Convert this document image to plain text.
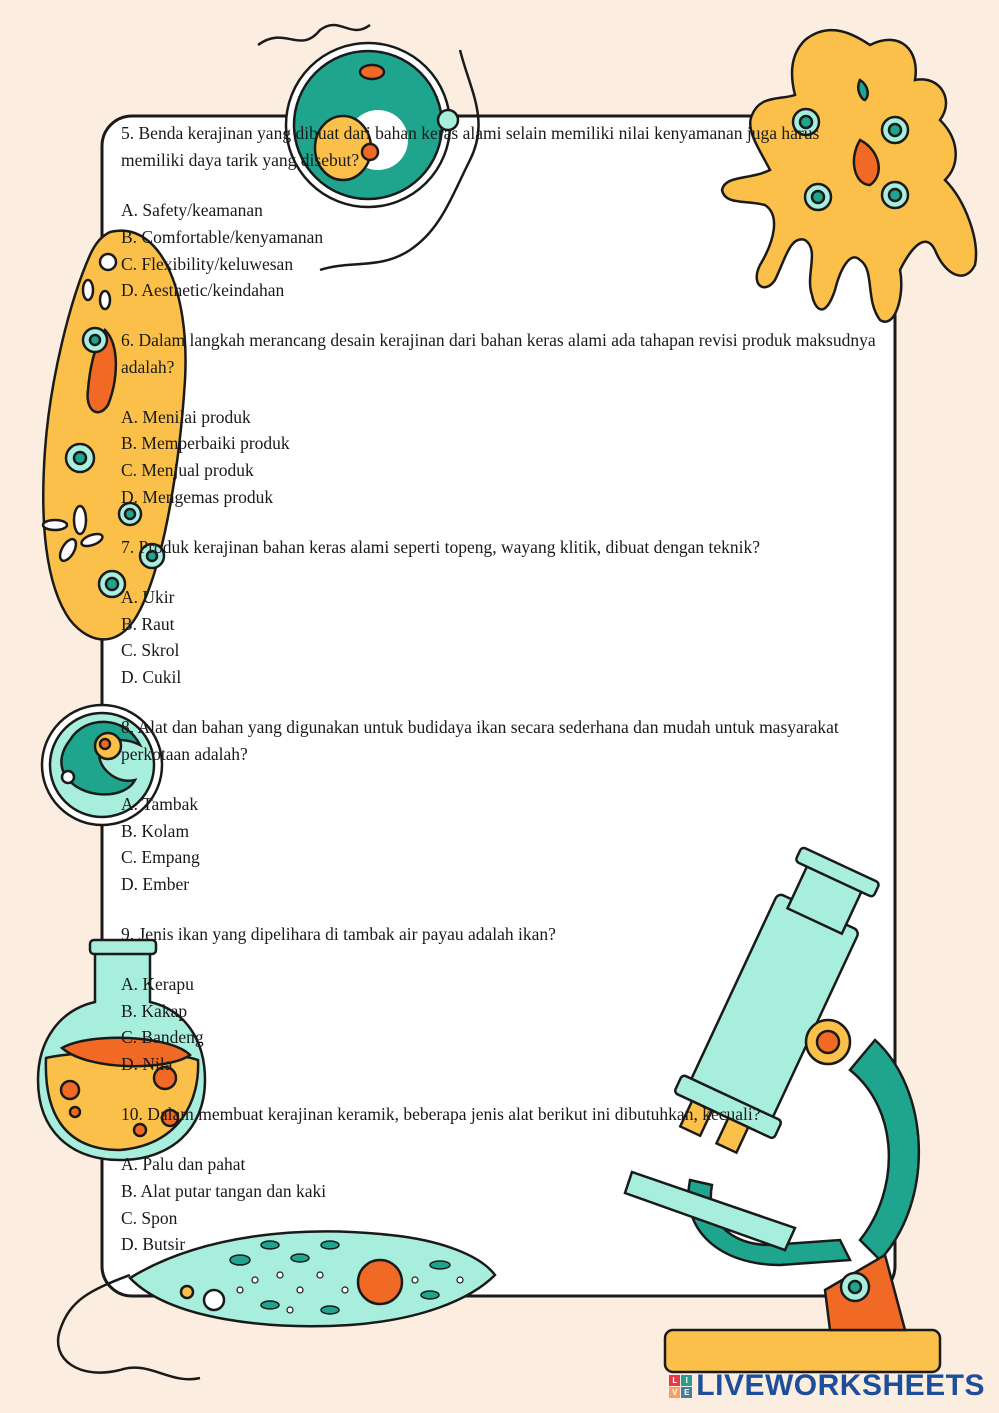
5. Benda kerajinan yang dibuat dari bahan keras alami selain memiliki nilai kenyamanan juga harus memiliki daya tarik yang disebut?
A. Safety/keamanan
B. Comfortable/kenyamanan
C. Flexibility/keluwesan
D. Aesthetic/keindahan
6. Dalam langkah merancang desain kerajinan dari bahan keras alami ada tahapan revisi produk maksudnya adalah?
A. Menilai produk
B. Memperbaiki produk
C. Menjual produk
D. Mengemas produk
7. Produk kerajinan bahan keras alami seperti topeng, wayang klitik, dibuat dengan teknik?
A. Ukir
B. Raut
C. Skrol
D. Cukil
8. Alat dan bahan yang digunakan untuk budidaya ikan secara sederhana dan mudah untuk masyarakat perkotaan adalah?
A. Tambak
B. Kolam
C. Empang
D. Ember
9. Jenis ikan yang dipelihara di tambak air payau adalah ikan?
A. Kerapu
B. Kakap
C. Bandeng
D. Nila
10. Dalam membuat kerajinan keramik, beberapa jenis alat berikut ini dibutuhkan, kecuali?
A. Palu dan pahat
B. Alat putar tangan dan kaki
C. Spon
D. Butsir
L	I
V E LIVEWORKSHEETS
